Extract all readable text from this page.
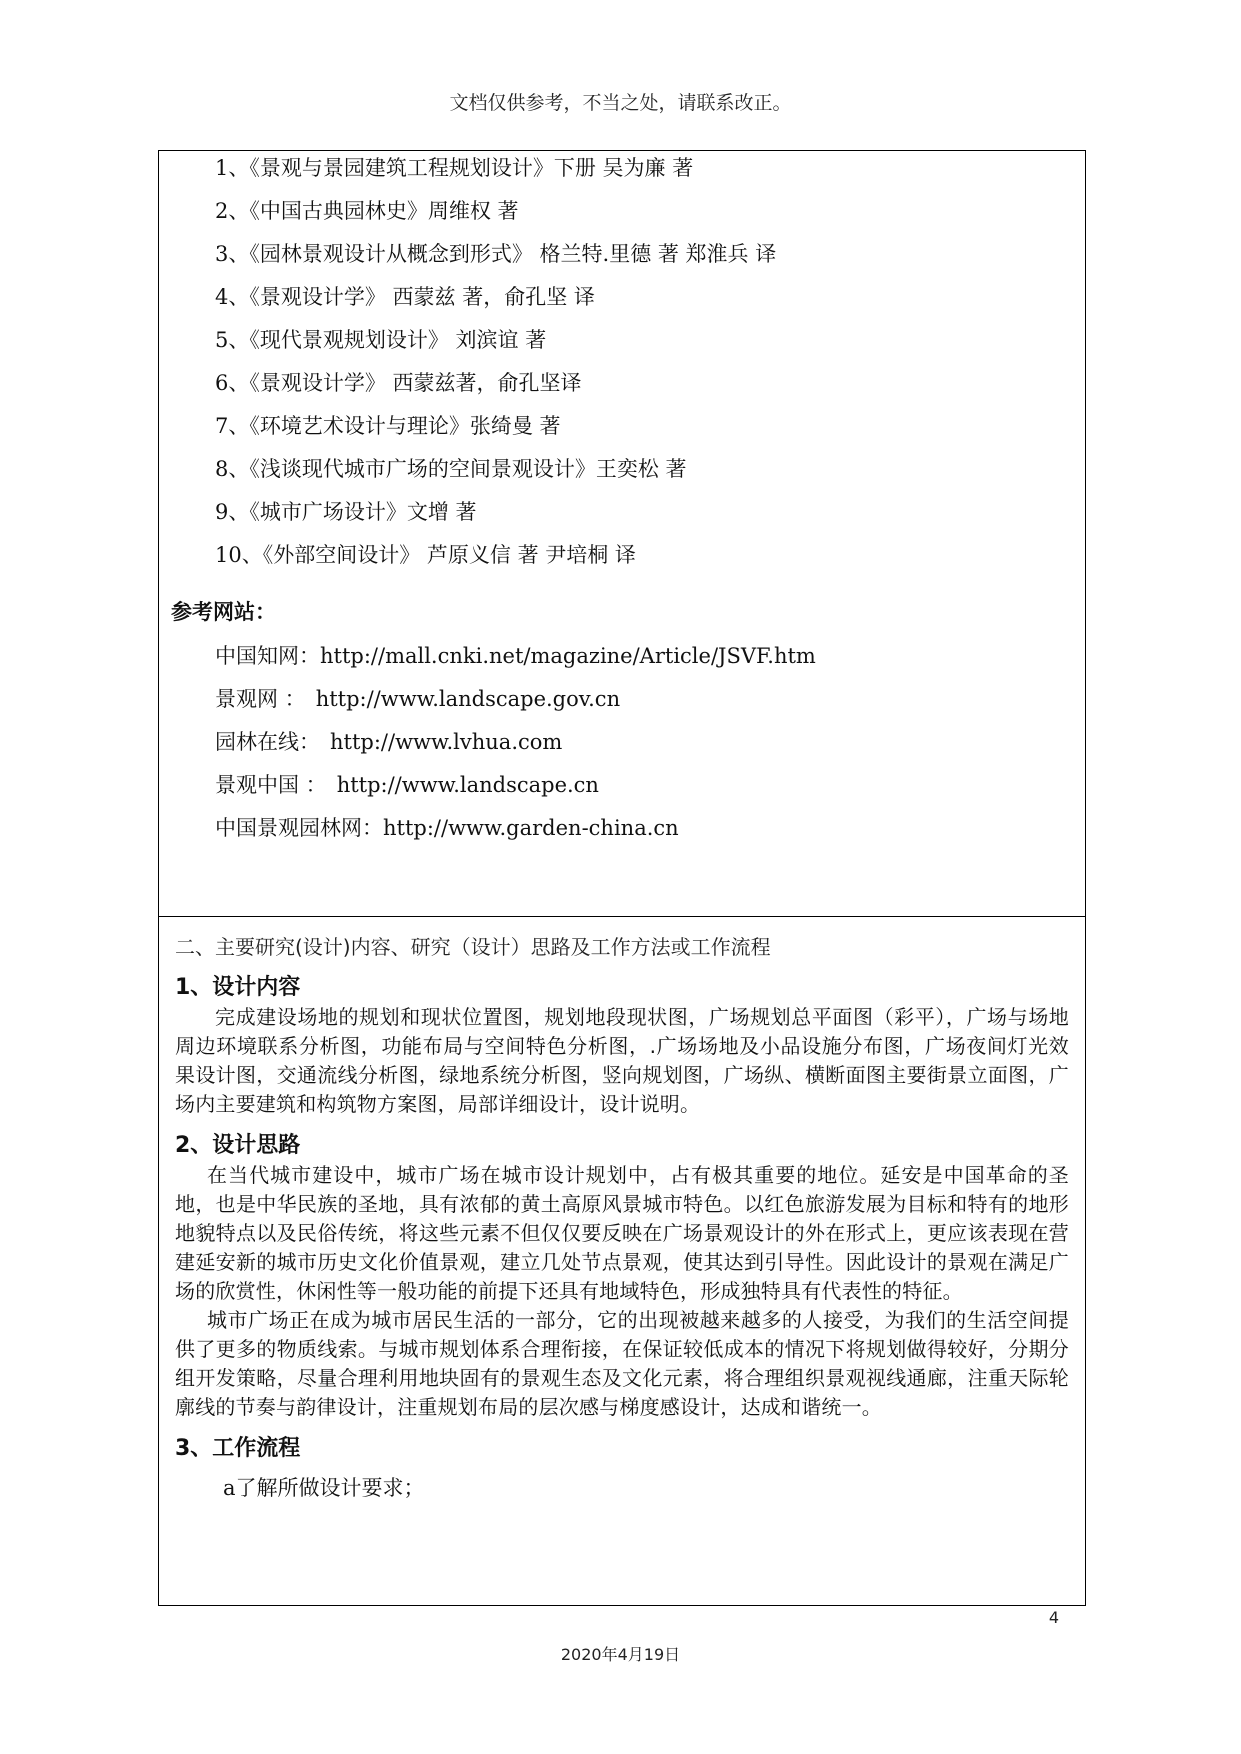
文档仅供参考，不当之处，请联系改正。
1、《景观与景园建筑工程规划设计》下册 吴为廉 著
2、《中国古典园林史》周维权 著
3、《园林景观设计从概念到形式》 格兰特.里德 著 郑淮兵 译
4、《景观设计学》 西蒙兹 著，俞孔坚 译
5、《现代景观规划设计》 刘滨谊 著
6、《景观设计学》 西蒙兹著，俞孔坚译
7、《环境艺术设计与理论》张绮曼 著
8、《浅谈现代城市广场的空间景观设计》王奕松 著
9、《城市广场设计》文增 著
10、《外部空间设计》 芦原义信 著 尹培桐 译
参考网站：
中国知网：http://mall.cnki.net/magazine/Article/JSVF.htm
景观网 ： http://www.landscape.gov.cn
园林在线： http://www.lvhua.com
景观中国 ： http://www.landscape.cn
中国景观园林网：http://www.garden-china.cn
二、主要研究(设计)内容、研究（设计）思路及工作方法或工作流程
1、设计内容

完成建设场地的规划和现状位置图，规划地段现状图，广场规划总平面图（彩平），广场与场地周边环境联系分析图，功能布局与空间特色分析图，.广场场地及小品设施分布图，广场夜间灯光效果设计图，交通流线分析图，绿地系统分析图，竖向规划图，广场纵、横断面图主要街景立面图，广场内主要建筑和构筑物方案图，局部详细设计，设计说明。

2、设计思路

在当代城市建设中，城市广场在城市设计规划中，占有极其重要的地位。延安是中国革命的圣地，也是中华民族的圣地，具有浓郁的黄土高原风景城市特色。以红色旅游发展为目标和特有的地形地貌特点以及民俗传统，将这些元素不但仅仅要反映在广场景观设计的外在形式上，更应该表现在营建延安新的城市历史文化价值景观，建立几处节点景观，使其达到引导性。因此设计的景观在满足广场的欣赏性，休闲性等一般功能的前提下还具有地域特色，形成独特具有代表性的特征。

城市广场正在成为城市居民生活的一部分，它的出现被越来越多的人接受，为我们的生活空间提供了更多的物质线索。与城市规划体系合理衔接，在保证较低成本的情况下将规划做得较好，分期分组开发策略，尽量合理利用地块固有的景观生态及文化元素，将合理组织景观视线通廊，注重天际轮廓线的节奏与韵律设计，注重规划布局的层次感与梯度感设计，达成和谐统一。

3、工作流程
a了解所做设计要求；
4
2020年4月19日
